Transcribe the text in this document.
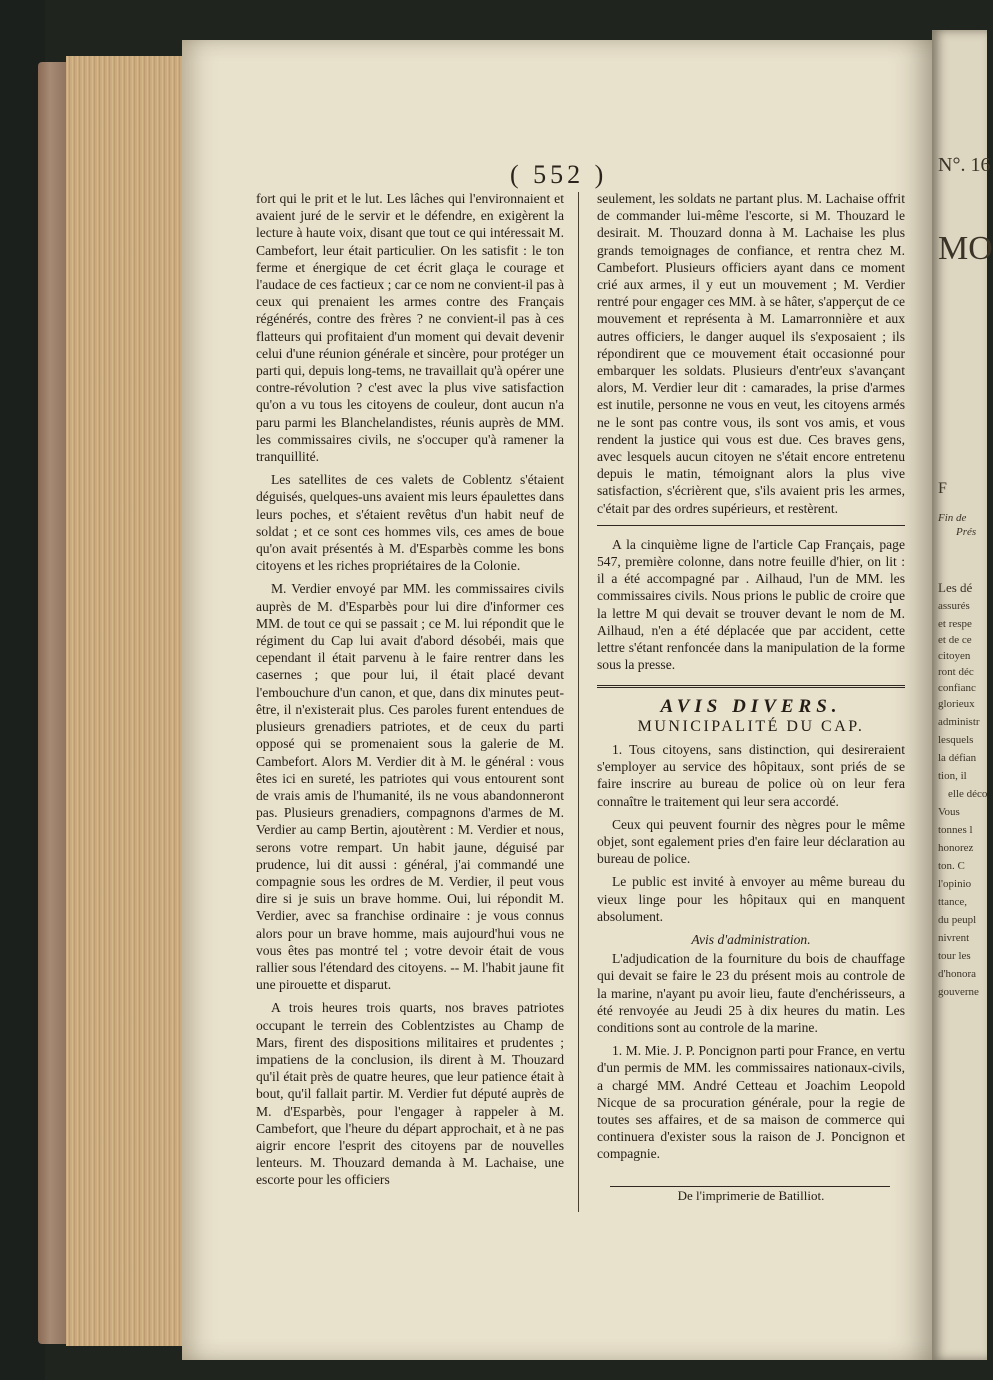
N°. 16
MO
F
Fin de
Prés
Les dé
assurés
et respe
et de ce
citoyen
ront déc
confianc
glorieux
administr
lesquels
la défian
tion, il
elle déco
Vous
tonnes l
honorez
ton. C
l'opinio
ttance,
du peupl
nivrent
tour les
d'honora
gouverne
( 552 )

fort qui le prit et le lut. Les lâches qui l'environnaient et avaient juré de le servir et le défendre, en exigèrent la lecture à haute voix, disant que tout ce qui intéressait M. Cambefort, leur était particulier. On les satisfit : le ton ferme et énergique de cet écrit glaça le courage et l'audace de ces factieux ; car ce nom ne convient-il pas à ceux qui prenaient les armes contre des Français régénérés, contre des frères ? ne convient-il pas à ces flatteurs qui profitaient d'un moment qui devait devenir celui d'une réunion générale et sincère, pour protéger un parti qui, depuis long-tems, ne travaillait qu'à opérer une contre-révolution ? c'est avec la plus vive satisfaction qu'on a vu tous les citoyens de couleur, dont aucun n'a paru parmi les Blanchelandistes, réunis auprès de MM. les commissaires civils, ne s'occuper qu'à ramener la tranquillité.

Les satellites de ces valets de Coblentz s'étaient déguisés, quelques-uns avaient mis leurs épaulettes dans leurs poches, et s'étaient revêtus d'un habit neuf de soldat ; et ce sont ces hommes vils, ces ames de boue qu'on avait présentés à M. d'Esparbès comme les bons citoyens et les riches propriétaires de la Colonie.

M. Verdier envoyé par MM. les commissaires civils auprès de M. d'Esparbès pour lui dire d'informer ces MM. de tout ce qui se passait ; ce M. lui répondit que le régiment du Cap lui avait d'abord désobéi, mais que cependant il était parvenu à le faire rentrer dans les casernes ; que pour lui, il était placé devant l'embouchure d'un canon, et que, dans dix minutes peut-être, il n'existerait plus. Ces paroles furent entendues de plusieurs grenadiers patriotes, et de ceux du parti opposé qui se promenaient sous la galerie de M. Cambefort. Alors M. Verdier dit à M. le général : vous êtes ici en sureté, les patriotes qui vous entourent sont de vrais amis de l'humanité, ils ne vous abandonneront pas. Plusieurs grenadiers, compagnons d'armes de M. Verdier au camp Bertin, ajoutèrent : M. Verdier et nous, serons votre rempart. Un habit jaune, déguisé par prudence, lui dit aussi : général, j'ai commandé une compagnie sous les ordres de M. Verdier, il peut vous dire si je suis un brave homme. Oui, lui répondit M. Verdier, avec sa franchise ordinaire : je vous connus alors pour un brave homme, mais aujourd'hui vous ne vous êtes pas montré tel ; votre devoir était de vous rallier sous l'étendard des citoyens. -- M. l'habit jaune fit une pirouette et disparut.

A trois heures trois quarts, nos braves patriotes occupant le terrein des Coblentzistes au Champ de Mars, firent des dispositions militaires et prudentes ; impatiens de la conclusion, ils dirent à M. Thouzard qu'il était près de quatre heures, que leur patience était à bout, qu'il fallait partir. M. Verdier fut député auprès de M. d'Esparbès, pour l'engager à rappeler à M. Cambefort, que l'heure du départ approchait, et à ne pas aigrir encore l'esprit des citoyens par de nouvelles lenteurs. M. Thouzard demanda à M. Lachaise, une escorte pour les officiers

seulement, les soldats ne partant plus. M. Lachaise offrit de commander lui-même l'escorte, si M. Thouzard le desirait. M. Thouzard donna à M. Lachaise les plus grands temoignages de confiance, et rentra chez M. Cambefort. Plusieurs officiers ayant dans ce moment crié aux armes, il y eut un mouvement ; M. Verdier rentré pour engager ces MM. à se hâter, s'apperçut de ce mouvement et représenta à M. Lamarronnière et aux autres officiers, le danger auquel ils s'exposaient ; ils répondirent que ce mouvement était occasionné pour embarquer les soldats. Plusieurs d'entr'eux s'avançant alors, M. Verdier leur dit : camarades, la prise d'armes est inutile, personne ne vous en veut, les citoyens armés ne le sont pas contre vous, ils sont vos amis, et vous rendent la justice qui vous est due. Ces braves gens, avec lesquels aucun citoyen ne s'était encore entretenu depuis le matin, témoignant alors la plus vive satisfaction, s'écrièrent que, s'ils avaient pris les armes, c'était par des ordres supérieurs, et restèrent.

A la cinquième ligne de l'article Cap Français, page 547, première colonne, dans notre feuille d'hier, on lit : il a été accompagné par . Ailhaud, l'un de MM. les commissaires civils. Nous prions le public de croire que la lettre M qui devait se trouver devant le nom de M. Ailhaud, n'en a été déplacée que par accident, cette lettre s'étant renfoncée dans la manipulation de la forme sous la presse.

AVIS DIVERS.
MUNICIPALITÉ DU CAP.

1. Tous citoyens, sans distinction, qui desireraient s'employer au service des hôpitaux, sont priés de se faire inscrire au bureau de police où on leur fera connaître le traitement qui leur sera accordé.

Ceux qui peuvent fournir des nègres pour le même objet, sont egalement pries d'en faire leur déclaration au bureau de police.

Le public est invité à envoyer au même bureau du vieux linge pour les hôpitaux qui en manquent absolument.

Avis d'administration.

L'adjudication de la fourniture du bois de chauffage qui devait se faire le 23 du présent mois au controle de la marine, n'ayant pu avoir lieu, faute d'enchérisseurs, a été renvoyée au Jeudi 25 à dix heures du matin. Les conditions sont au controle de la marine.

1. M. Mie. J. P. Poncignon parti pour France, en vertu d'un permis de MM. les commissaires nationaux-civils, a chargé MM. André Cetteau et Joachim Leopold Nicque de sa procuration générale, pour la regie de toutes ses affaires, et de sa maison de commerce qui continuera d'exister sous la raison de J. Poncignon et compagnie.

De l'imprimerie de Batilliot.
